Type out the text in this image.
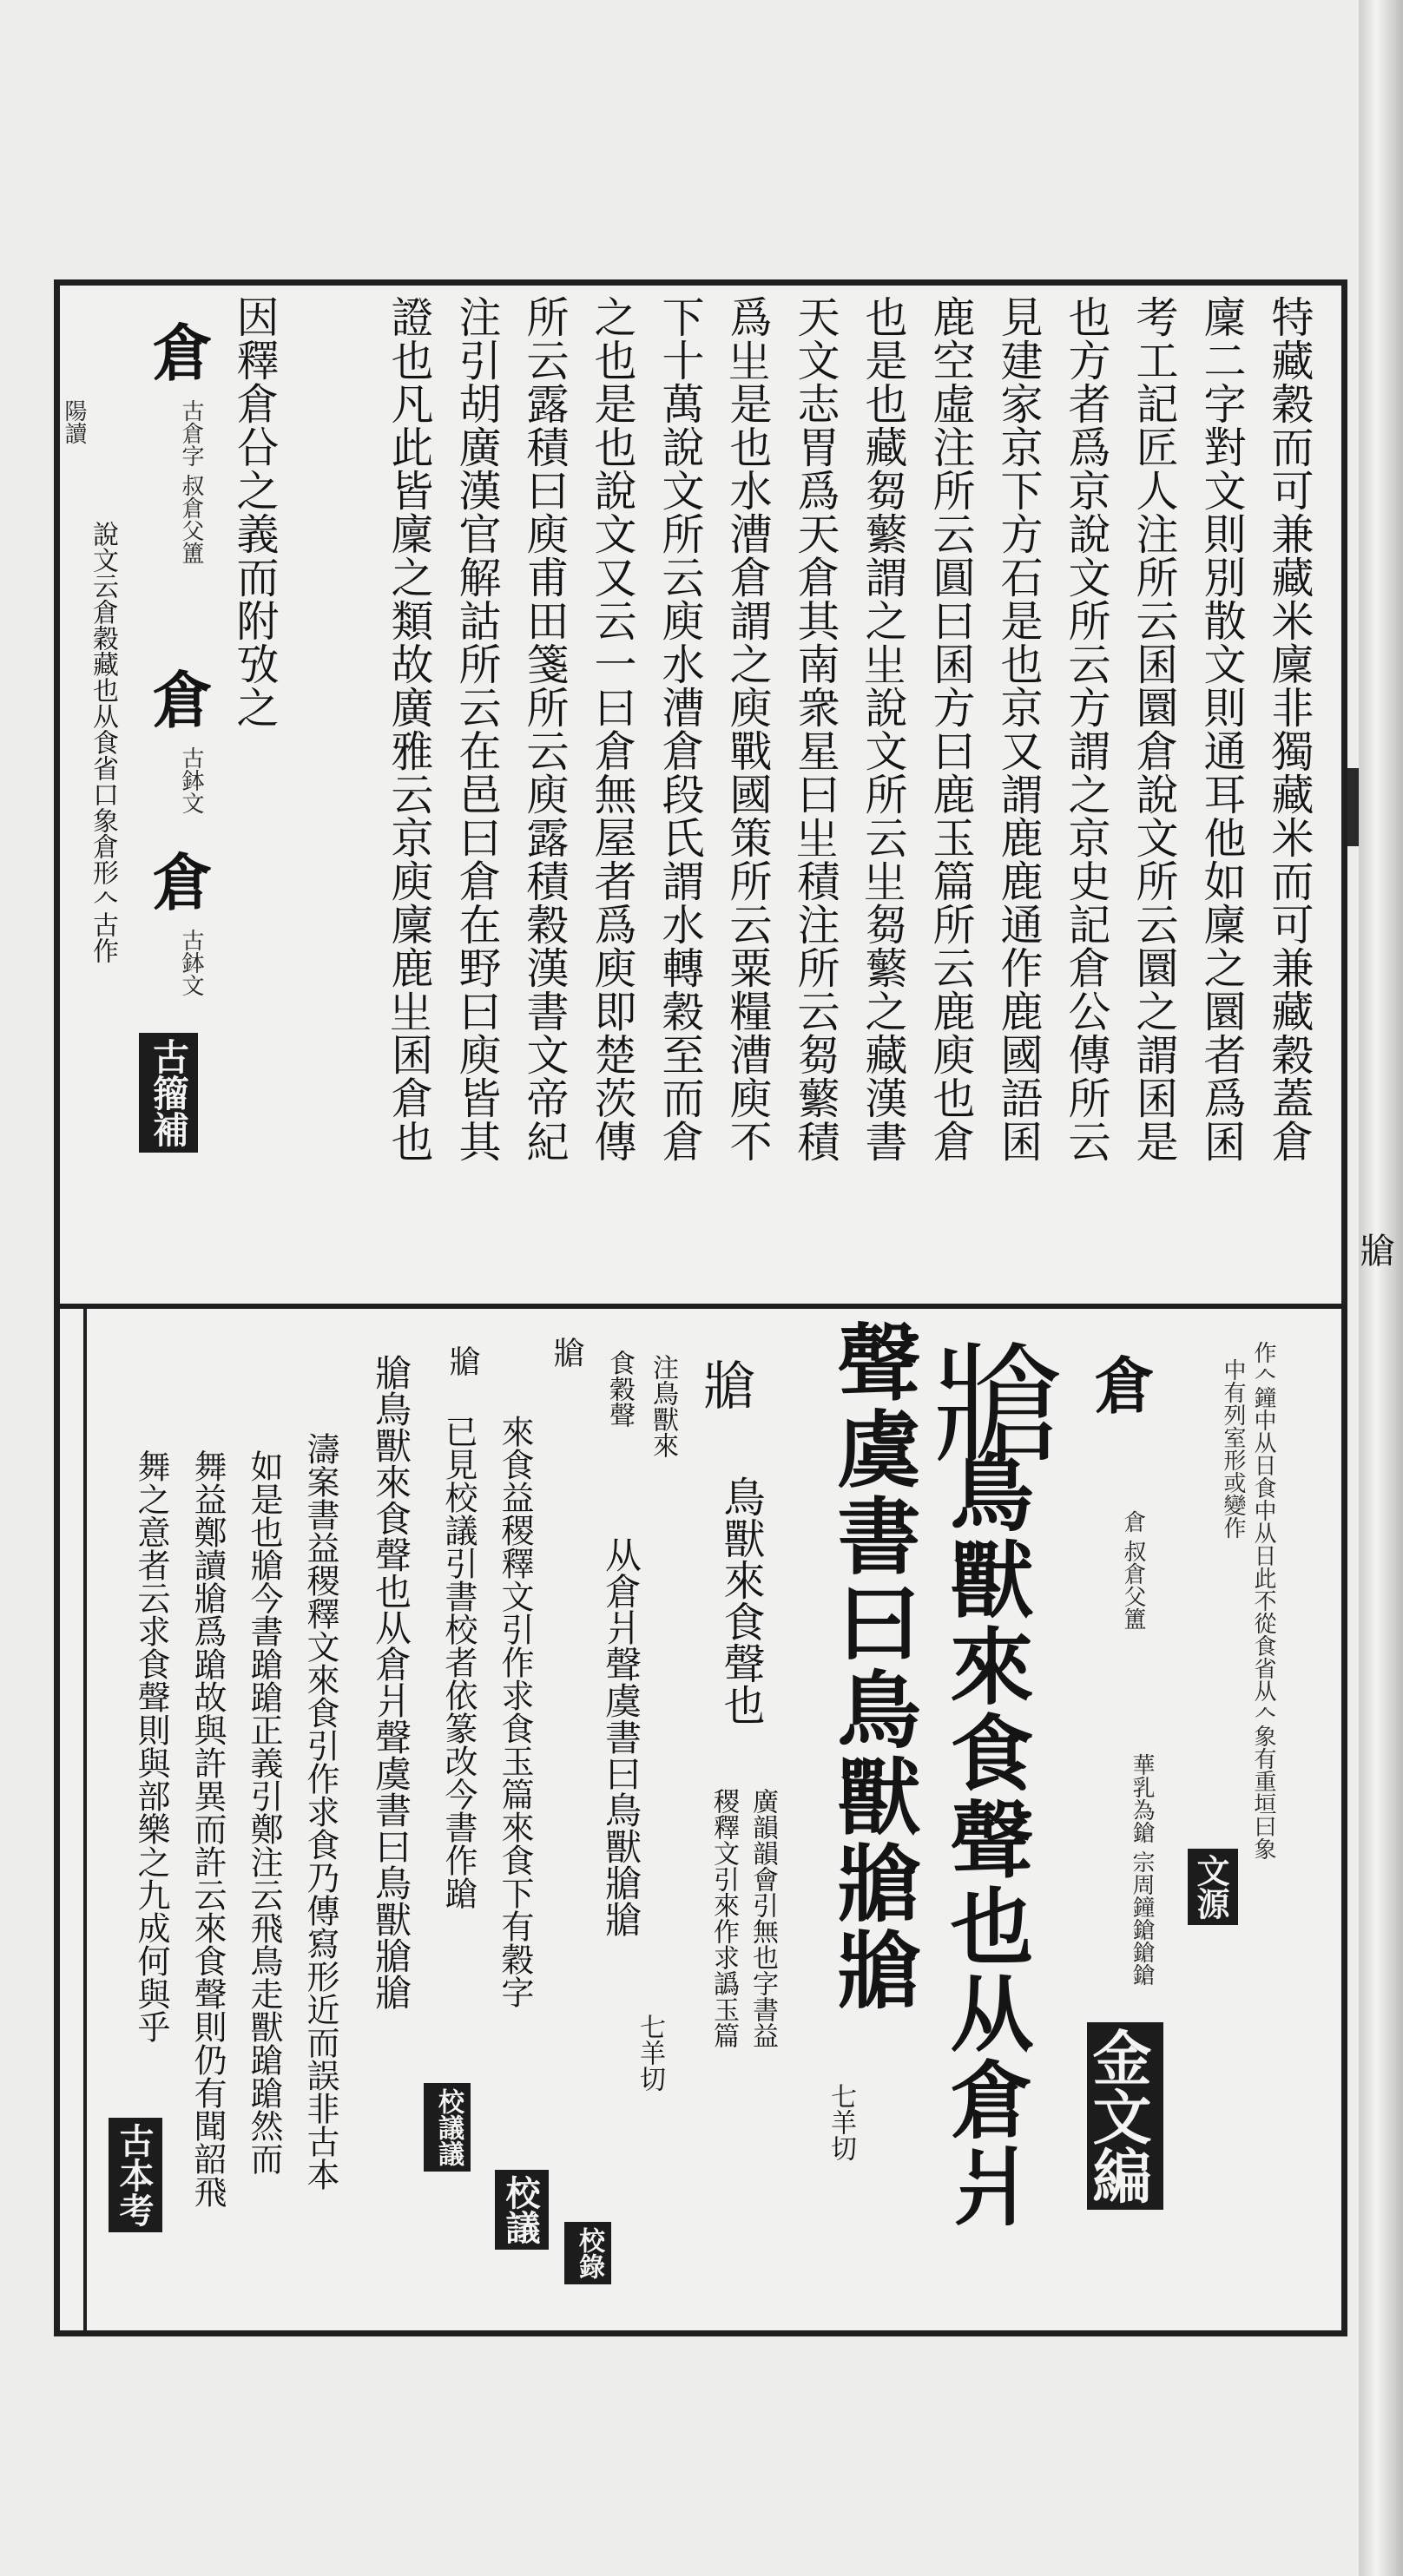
牄
特藏穀而可兼藏米廩非獨藏米而可兼藏穀蓋倉
廩二字對文則別散文則通耳他如廩之圜者爲囷
考工記匠人注所云囷圜倉說文所云圜之謂囷是
也方者爲京說文所云方謂之京史記倉公傳所云
見建家京下方石是也京又謂鹿鹿通作鹿國語囷
鹿空虛注所云圓曰囷方曰鹿玉篇所云鹿庾也倉
也是也藏芻蘩謂之𤯓說文所云𤯓芻蘩之藏漢書
天文志胃爲天倉其南衆星曰𤯓積注所云芻蘩積
爲𤯓是也水漕倉謂之庾戰國策所云粟糧漕庾不
下十萬說文所云庾水漕倉段氏謂水轉穀至而倉
之也是也說文又云一曰倉無屋者爲庾即楚茨傳
所云露積曰庾甫田箋所云庾露積穀漢書文帝紀
注引胡廣漢官解詁所云在邑曰倉在野曰庾皆其
證也凡此皆廩之類故廣雅云京庾廩鹿𤯓囷倉也
因釋倉㕣之義而附攷之
倉
古倉字 叔倉父簠
倉
古鉢文
倉
古鉢文
古籀補
說文云倉穀藏也从食省口象倉形𠆢古作
陽讀
作𠆢鐘中从日食中从日此不從食省从𠆢象有重垣曰象
中有列室形或變作
文源
華乳為鎗 宗周鐘鎗鎗鎗
倉 叔倉父簠
倉
金文編
牄
鳥獸來食聲也从倉爿
聲虞書曰鳥獸牄牄
七羊切
牄
鳥獸來食聲也
廣韻韻會引無也字書益
稷釋文引來作求譌玉篇
注鳥獸來
食穀聲
从倉爿聲虞書曰鳥獸牄牄
七羊切
校錄
牄
來食益稷釋文引作求食玉篇來食下有穀字
校議
牄
已見校議引書校者依篆改今書作蹌
校議議
牄鳥獸來食聲也从倉爿聲虞書曰鳥獸牄牄
濤案書益稷釋文來食引作求食乃傳寫形近而誤非古本
如是也牄今書蹌蹌正義引鄭注云飛鳥走獸蹌蹌然而
舞益鄭讀牄爲蹌故與許異而許云來食聲則仍有聞韶飛
舞之意者云求食聲則與部樂之九成何與乎
古本考
